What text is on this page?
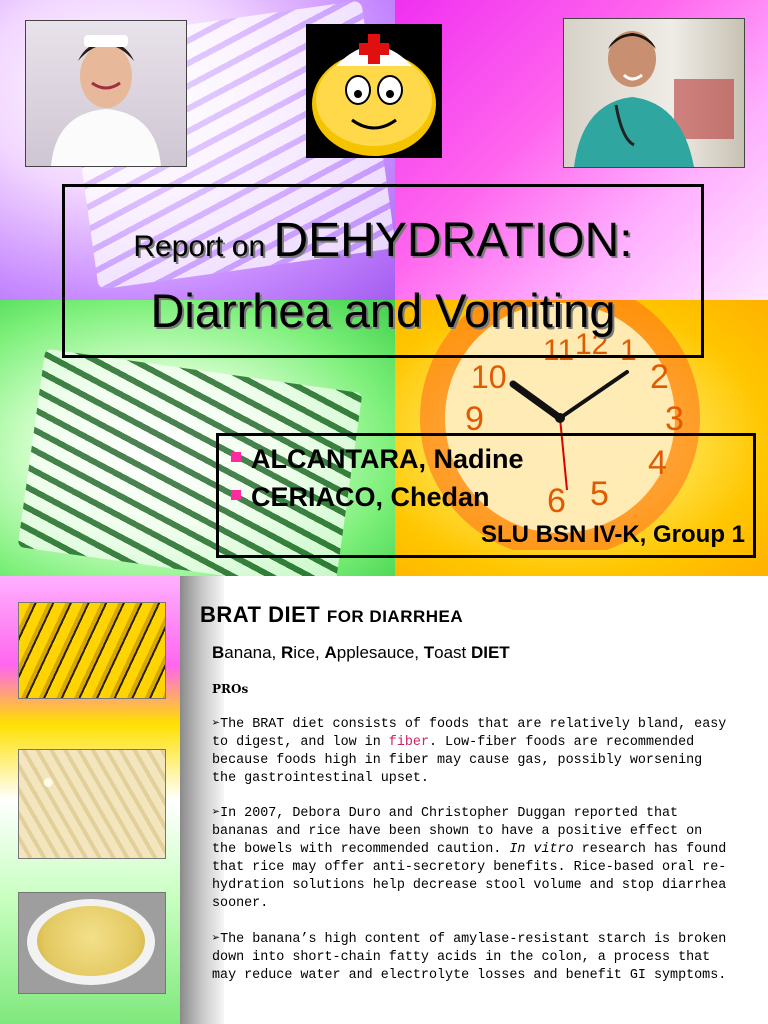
11 12 1
2
3
4
5
6
9
10
Report on DEHYDRATION:
Diarrhea and Vomiting
ALCANTARA, Nadine
CERIACO, Chedan
SLU BSN IV-K, Group 1
BRAT DIET FOR DIARRHEA
Banana, Rice, Applesauce, Toast DIET
PROs

➢The BRAT diet consists of foods that are relatively bland, easy to digest, and low in fiber. Low-fiber foods are recommended because foods high in fiber may cause gas, possibly worsening the gastrointestinal upset.

➢In 2007, Debora Duro and Christopher Duggan reported that bananas and rice have been shown to have a positive effect on the bowels with recommended caution. In vitro research has found that rice may offer anti-secretory benefits. Rice-based oral re-hydration solutions help decrease stool volume and stop diarrhea sooner.

➢The banana’s high content of amylase-resistant starch is broken down into short-chain fatty acids in the colon, a process that may reduce water and electrolyte losses and benefit GI symptoms.
